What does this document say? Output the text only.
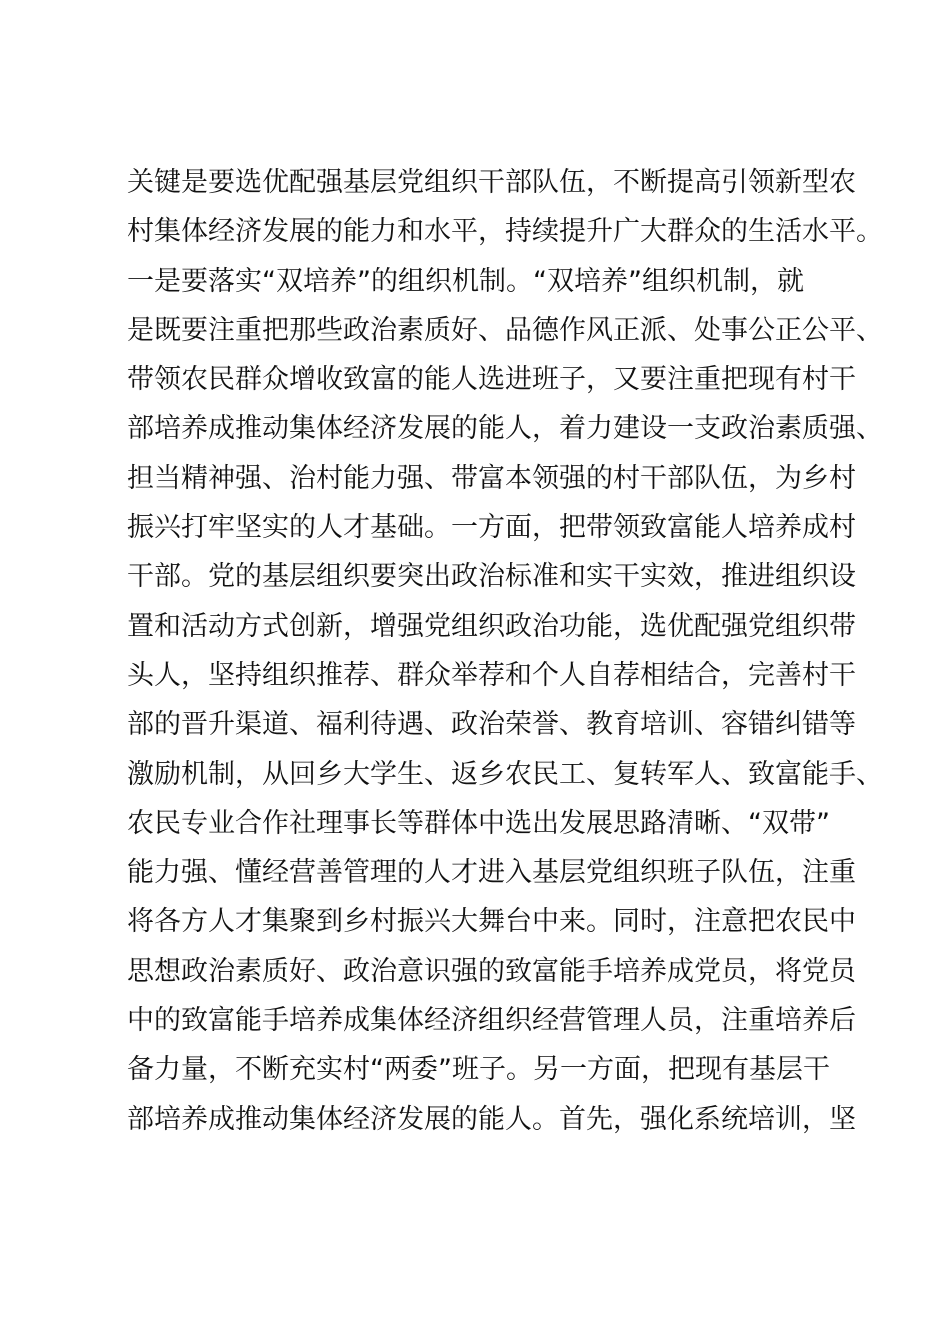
关键是要选优配强基层党组织干部队伍，不断提高引领新型农
村集体经济发展的能力和水平，持续提升广大群众的生活水平。
一是要落实“双培养”的组织机制。“双培养”组织机制，就
是既要注重把那些政治素质好、品德作风正派、处事公正公平、
带领农民群众增收致富的能人选进班子，又要注重把现有村干
部培养成推动集体经济发展的能人，着力建设一支政治素质强、
担当精神强、治村能力强、带富本领强的村干部队伍，为乡村
振兴打牢坚实的人才基础。一方面，把带领致富能人培养成村
干部。党的基层组织要突出政治标准和实干实效，推进组织设
置和活动方式创新，增强党组织政治功能，选优配强党组织带
头人，坚持组织推荐、群众举荐和个人自荐相结合，完善村干
部的晋升渠道、福利待遇、政治荣誉、教育培训、容错纠错等
激励机制，从回乡大学生、返乡农民工、复转军人、致富能手、
农民专业合作社理事长等群体中选出发展思路清晰、“双带”
能力强、懂经营善管理的人才进入基层党组织班子队伍，注重
将各方人才集聚到乡村振兴大舞台中来。同时，注意把农民中
思想政治素质好、政治意识强的致富能手培养成党员，将党员
中的致富能手培养成集体经济组织经营管理人员，注重培养后
备力量，不断充实村“两委”班子。另一方面，把现有基层干
部培养成推动集体经济发展的能人。首先，强化系统培训，坚
